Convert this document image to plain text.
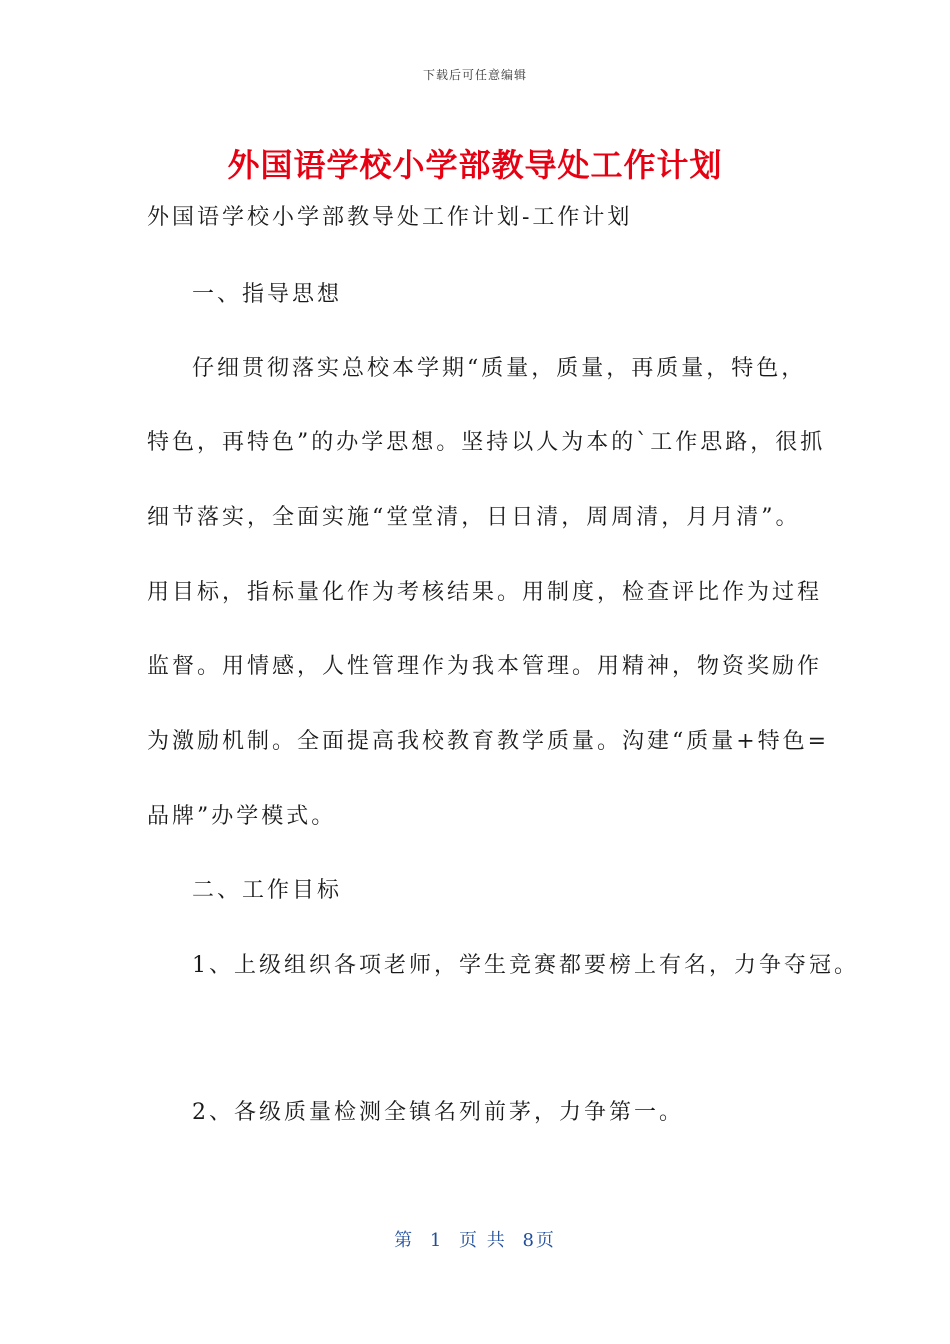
下载后可任意编辑
外国语学校小学部教导处工作计划

外国语学校小学部教导处工作计划-工作计划

一、指导思想

仔细贯彻落实总校本学期“质量，质量，再质量，特色，

特色，再特色”的办学思想。坚持以人为本的`工作思路，很抓

细节落实，全面实施“堂堂清，日日清，周周清，月月清”。

用目标，指标量化作为考核结果。用制度，检查评比作为过程

监督。用情感，人性管理作为我本管理。用精神，物资奖励作

为激励机制。全面提高我校教育教学质量。沟建“质量+特色=

品牌”办学模式。

二、工作目标

1、上级组织各项老师，学生竞赛都要榜上有名，力争夺冠。

2、各级质量检测全镇名列前茅，力争第一。

第 1 页 共 8页
